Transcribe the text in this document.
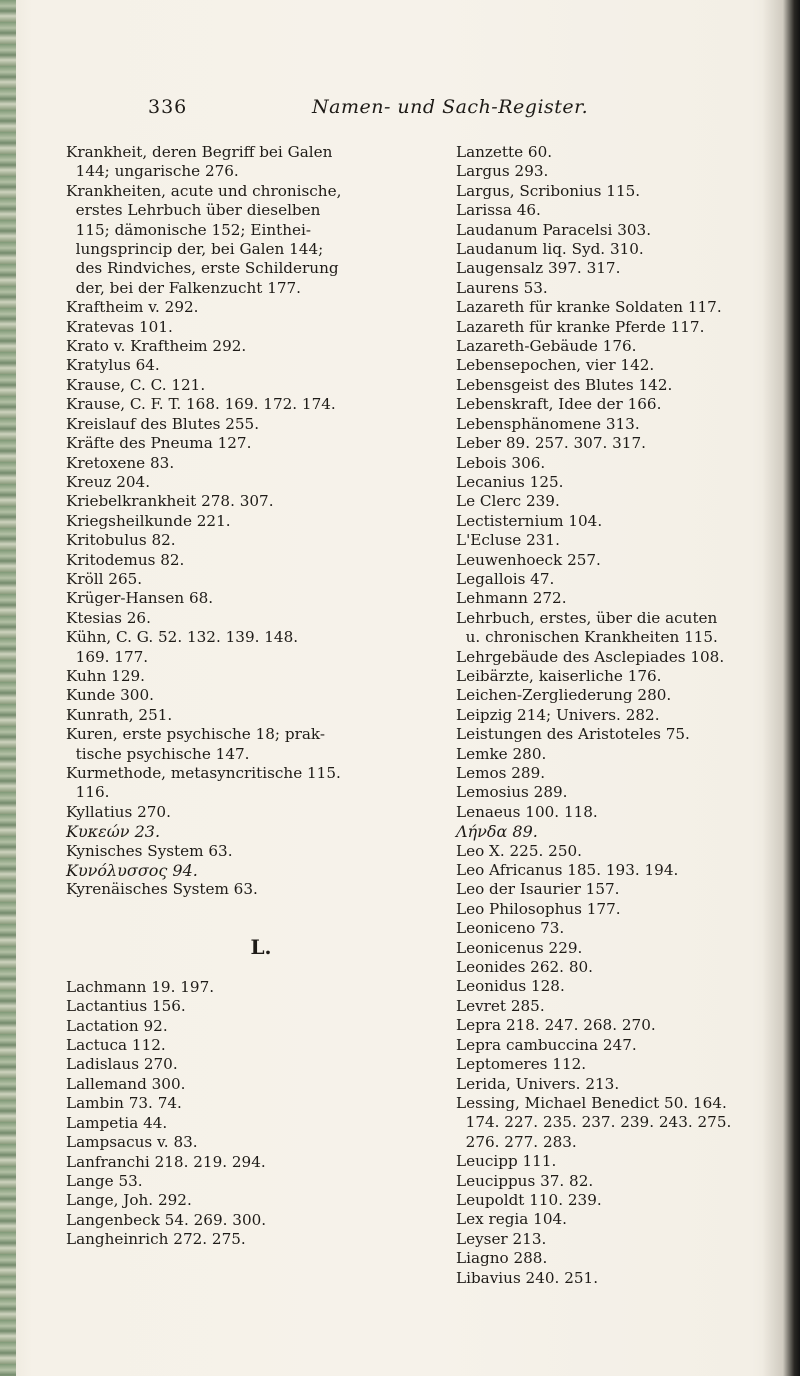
336	Namen- und Sach-Register.
Krankheit, deren Begriff bei Galen
144; ungarische 276.
Krankheiten, acute und chronische,
erstes Lehrbuch über dieselben
115; dämonische 152; Einthei-
lungsprincip der, bei Galen 144;
des Rindviches, erste Schilderung
der, bei der Falkenzucht 177.
Kraftheim v. 292.
Kratevas 101.
Krato v. Kraftheim 292.
Kratylus 64.
Krause, C. C. 121.
Krause, C. F. T. 168. 169. 172. 174.
Kreislauf des Blutes 255.
Kräfte des Pneuma 127.
Kretoxene 83.
Kreuz 204.
Kriebelkrankheit 278. 307.
Kriegsheilkunde 221.
Kritobulus 82.
Kritodemus 82.
Kröll 265.
Krüger-Hansen 68.
Ktesias 26.
Kühn, C. G. 52. 132. 139. 148.
169. 177.
Kuhn 129.
Kunde 300.
Kunrath, 251.
Kuren, erste psychische 18; prak-
tische psychische 147.
Kurmethode, metasyncritische 115.
116.
Kyllatius 270.
Κυκεών 23.
Kynisches System 63.
Κυνόλυσσος 94.
Kyrenäisches System 63.
L.
Lachmann 19. 197.
Lactantius 156.
Lactation 92.
Lactuca 112.
Ladislaus 270.
Lallemand 300.
Lambin 73. 74.
Lampetia 44.
Lampsacus v. 83.
Lanfranchi 218. 219. 294.
Lange 53.
Lange, Joh. 292.
Langenbeck 54. 269. 300.
Langheinrich 272. 275.
Lanzette 60.
Largus 293.
Largus, Scribonius 115.
Larissa 46.
Laudanum Paracelsi 303.
Laudanum liq. Syd. 310.
Laugensalz 397. 317.
Laurens 53.
Lazareth für kranke Soldaten 117.
Lazareth für kranke Pferde 117.
Lazareth-Gebäude 176.
Lebensepochen, vier 142.
Lebensgeist des Blutes 142.
Lebenskraft, Idee der 166.
Lebensphänomene 313.
Leber 89. 257. 307. 317.
Lebois 306.
Lecanius 125.
Le Clerc 239.
Lectisternium 104.
L'Ecluse 231.
Leuwenhoeck 257.
Legallois 47.
Lehmann 272.
Lehrbuch, erstes, über die acuten
u. chronischen Krankheiten 115.
Lehrgebäude des Asclepiades 108.
Leibärzte, kaiserliche 176.
Leichen-Zergliederung 280.
Leipzig 214; Univers. 282.
Leistungen des Aristoteles 75.
Lemke 280.
Lemos 289.
Lemosius 289.
Lenaeus 100. 118.
Λήνδα 89.
Leo X. 225. 250.
Leo Africanus 185. 193. 194.
Leo der Isaurier 157.
Leo Philosophus 177.
Leoniceno 73.
Leonicenus 229.
Leonides 262. 80.
Leonidus 128.
Levret 285.
Lepra 218. 247. 268. 270.
Lepra cambuccina 247.
Leptomeres 112.
Lerida, Univers. 213.
Lessing, Michael Benedict 50. 164.
174. 227. 235. 237. 239. 243. 275.
276. 277. 283.
Leucipp 111.
Leucippus 37. 82.
Leupoldt 110. 239.
Lex regia 104.
Leyser 213.
Liagno 288.
Libavius 240. 251.
